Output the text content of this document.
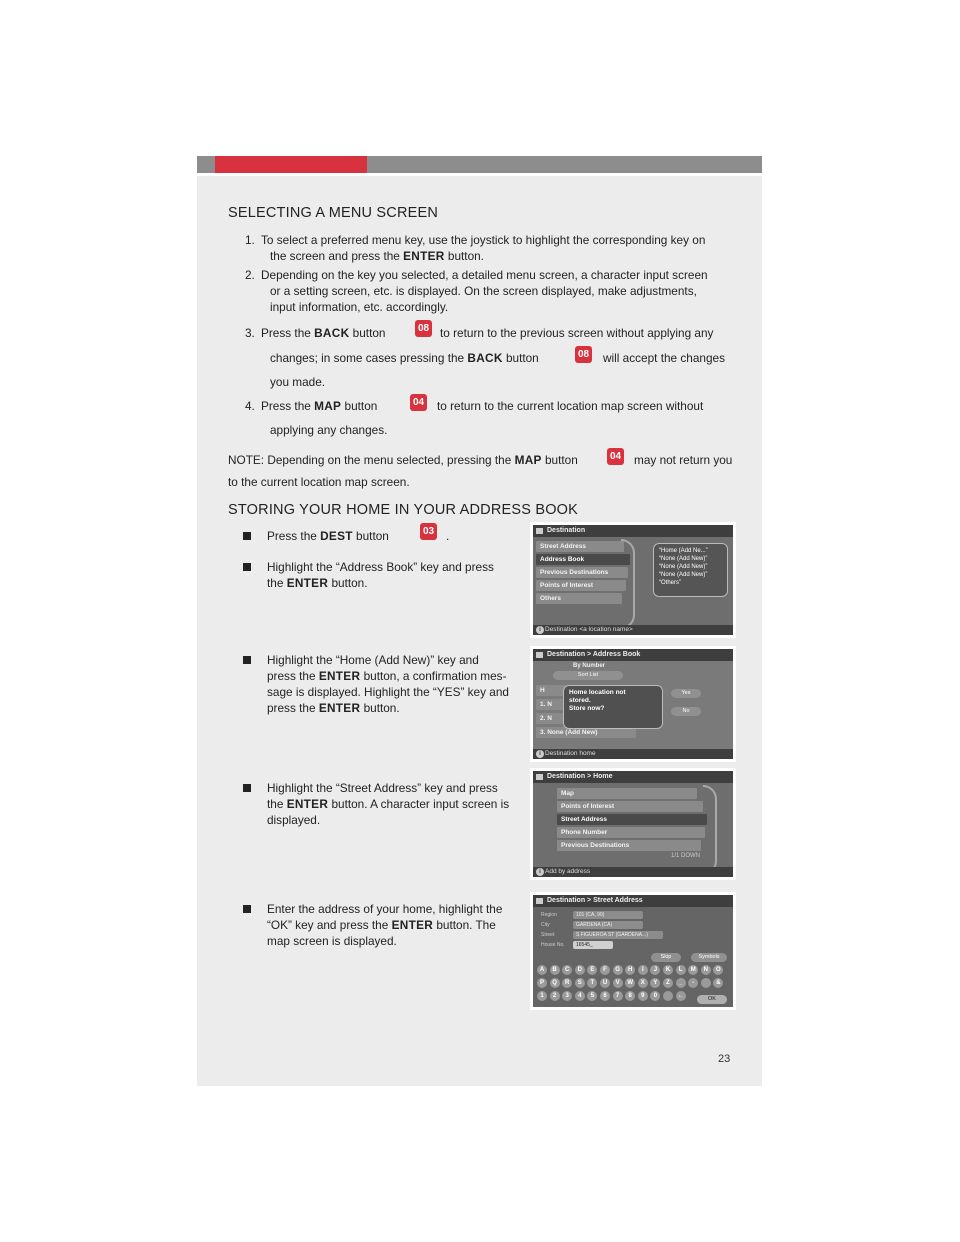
SELECTING A MENU SCREEN
1. To select a preferred menu key, use the joystick to highlight the corresponding key on
the screen and press the ENTER button.
2. Depending on the key you selected, a detailed menu screen, a character input screen
or a setting screen, etc. is displayed. On the screen displayed, make adjustments,
input information, etc. accordingly.
3. Press the BACK button	08 to return to the previous screen without applying any
changes; in some cases pressing the BACK button	08 will accept the changes
you made.
4. Press the MAP button	04 to return to the current location map screen without
applying any changes.
NOTE: Depending on the menu selected, pressing the MAP button	04 may not return you
to the current location map screen.
STORING YOUR HOME IN YOUR ADDRESS BOOK
Press the DEST button	03 .
Highlight the “Address Book” key and press
the ENTER button.
Highlight the “Home (Add New)” key and
press the ENTER button, a confirmation mes-
sage is displayed. Highlight the “YES” key and
press the ENTER button.
Highlight the “Street Address” key and press
the ENTER button. A character input screen is
displayed.
Enter the address of your home, highlight the
“OK” key and press the ENTER button. The
map screen is displayed.
Destination
Street Address
Address Book
Previous Destinations
Points of Interest
Others
“Home (Add Ne...”
“None (Add New)”
“None (Add New)”
“None (Add New)”
“Others”
i Destination <a location name>
Destination > Address Book
By Number
Sort List
H
1. N
2. N
3. None (Add New)
Home location not
stored.
Store now?
Yes
No
i Destination home
Destination > Home
Map
Points of Interest
Street Address
Phone Number
Previous Destinations
1/1 DOWN
i Add by address
Destination > Street Address
Region	101 (CA, 90)
City	GARDENA (CA)
Street	S FIGUEROA ST (GARDENA...)
House No.	16545_
Skip	Symbols
A	B	C	D	E	F	G	H	I	J	K	L	M	N	O
P	Q	R	S	T	U	V	W	X	Y	Z	_	-	&
1	2	3	4	5	6	7	8	9	0	←	OK
23
